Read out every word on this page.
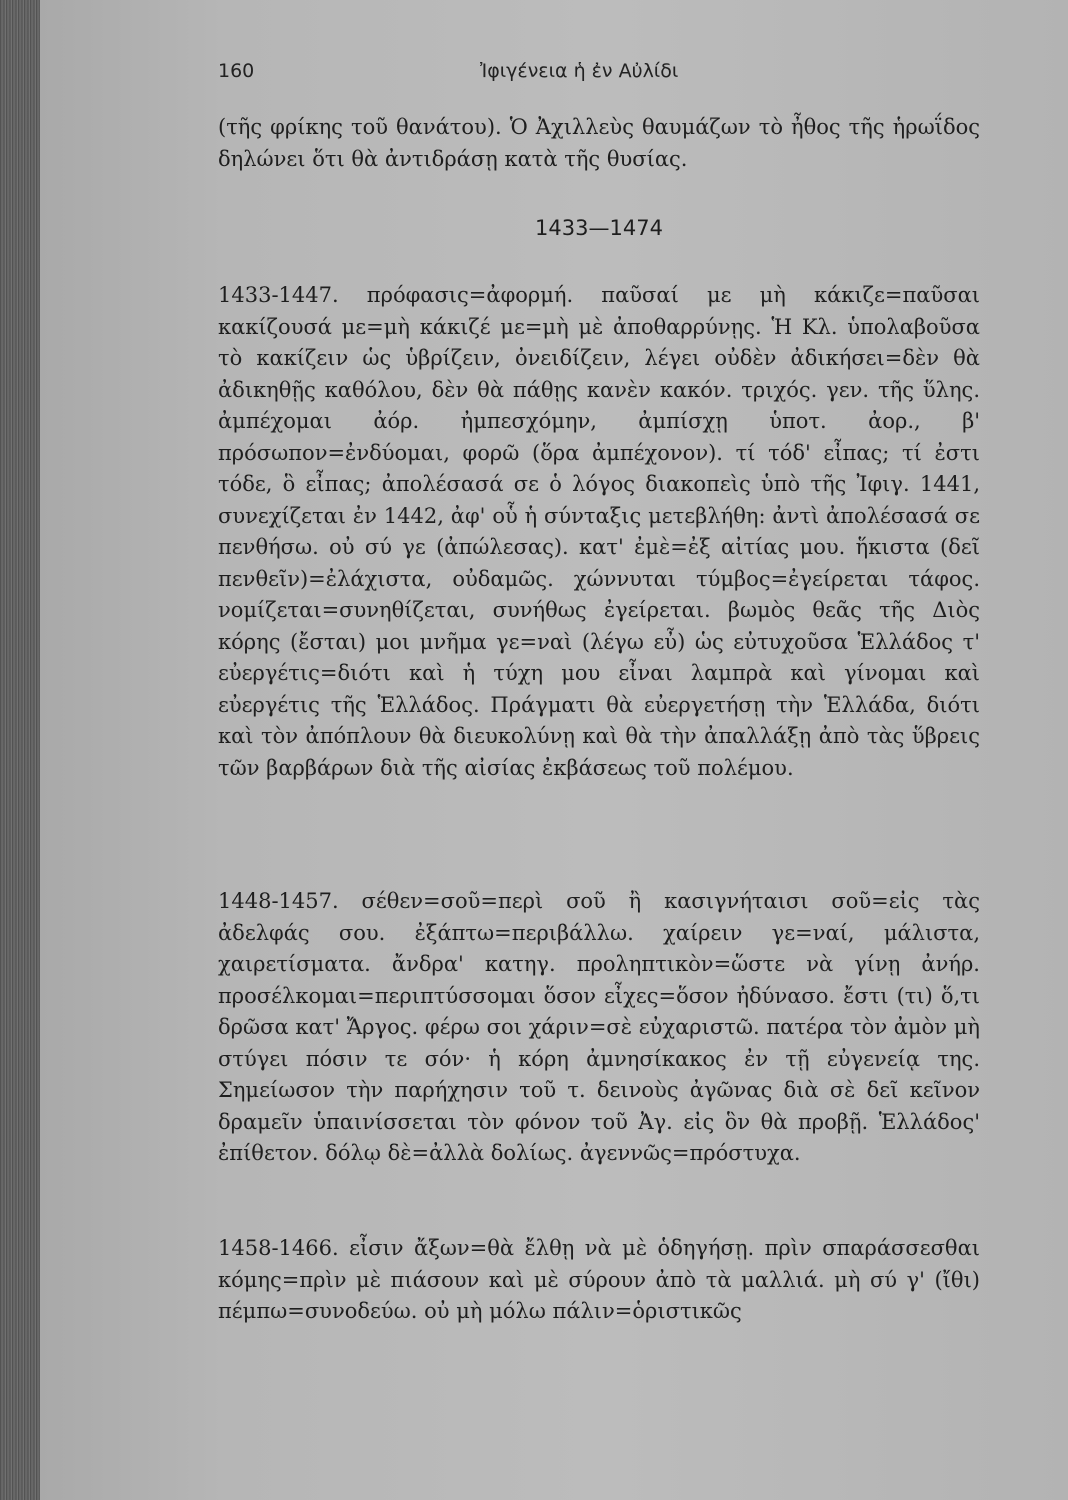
160	Ἰφιγένεια ἡ ἐν Αὐλίδι

(τῆς φρίκης τοῦ θανάτου). Ὁ Ἀχιλλεὺς θαυμάζων τὸ ἦθος τῆς ἡρωΐδος δηλώνει ὅτι θὰ ἀντιδράσῃ κατὰ τῆς θυσίας.

1433—1474

1433-1447. πρόφασις=ἀφορμή. παῦσαί με μὴ κάκιζε=παῦσαι κακίζουσά με=μὴ κάκιζέ με=μὴ μὲ ἀποθαρρύνῃς. Ἡ Κλ. ὑπολαβοῦσα τὸ κακίζειν ὡς ὑβρίζειν, ὀνειδίζειν, λέγει οὐδὲν ἀδικήσει=δὲν θὰ ἀδικηθῇς καθόλου, δὲν θὰ πάθῃς κανὲν κακόν. τριχός. γεν. τῆς ὕλης. ἀμπέχομαι ἀόρ. ἠμπεσχόμην, ἀμπίσχῃ ὑποτ. ἀορ., β' πρόσωπον=ἐνδύομαι, φορῶ (ὅρα ἀμπέχονον). τί τόδ' εἶπας; τί ἐστι τόδε, ὃ εἶπας; ἀπολέσασά σε ὁ λόγος διακοπεὶς ὑπὸ τῆς Ἰφιγ. 1441, συνεχίζεται ἐν 1442, ἀφ' οὗ ἡ σύνταξις μετεβλήθη: ἀντὶ ἀπολέσασά σε πενθήσω. οὐ σύ γε (ἀπώλεσας). κατ' ἐμὲ=ἐξ αἰτίας μου. ἥκιστα (δεῖ πενθεῖν)=ἐλάχιστα, οὐδαμῶς. χώννυται τύμβος=ἐγείρεται τάφος. νομίζεται=συνηθίζεται, συνήθως ἐγείρεται. βωμὸς θεᾶς τῆς Διὸς κόρης (ἔσται) μοι μνῆμα γε=ναὶ (λέγω εὖ) ὡς εὐτυχοῦσα Ἑλλάδος τ' εὐεργέτις=διότι καὶ ἡ τύχη μου εἶναι λαμπρὰ καὶ γίνομαι καὶ εὐεργέτις τῆς Ἑλλάδος. Πράγματι θὰ εὐεργετήσῃ τὴν Ἑλλάδα, διότι καὶ τὸν ἀπόπλουν θὰ διευκολύνῃ καὶ θὰ τὴν ἀπαλλάξῃ ἀπὸ τὰς ὕβρεις τῶν βαρβάρων διὰ τῆς αἰσίας ἐκβάσεως τοῦ πολέμου.

1448-1457. σέθεν=σοῦ=περὶ σοῦ ἢ κασιγνήταισι σοῦ=εἰς τὰς ἀδελφάς σου. ἐξάπτω=περιβάλλω. χαίρειν γε=ναί, μάλιστα, χαιρετίσματα. ἄνδρα' κατηγ. προληπτικὸν=ὥστε νὰ γίνῃ ἀνήρ. προσέλκομαι=περιπτύσσομαι ὅσον εἶχες=ὅσον ἠδύνασο. ἔστι (τι) ὅ,τι δρῶσα κατ' Ἄργος. φέρω σοι χάριν=σὲ εὐχαριστῶ. πατέρα τὸν ἀμὸν μὴ στύγει πόσιν τε σόν· ἡ κόρη ἀμνησίκακος ἐν τῇ εὐγενείᾳ της. Σημείωσον τὴν παρήχησιν τοῦ τ. δεινοὺς ἀγῶνας διὰ σὲ δεῖ κεῖνον δραμεῖν ὑπαινίσσεται τὸν φόνον τοῦ Ἀγ. εἰς ὃν θὰ προβῇ. Ἑλλάδος' ἐπίθετον. δόλῳ δὲ=ἀλλὰ δολίως. ἀγεννῶς=πρόστυχα.

1458-1466. εἶσιν ἄξων=θὰ ἔλθῃ νὰ μὲ ὁδηγήσῃ. πρὶν σπαράσσεσθαι κόμης=πρὶν μὲ πιάσουν καὶ μὲ σύρουν ἀπὸ τὰ μαλλιά. μὴ σύ γ' (ἴθι) πέμπω=συνοδεύω. οὐ μὴ μόλω πάλιν=ὁριστικῶς
